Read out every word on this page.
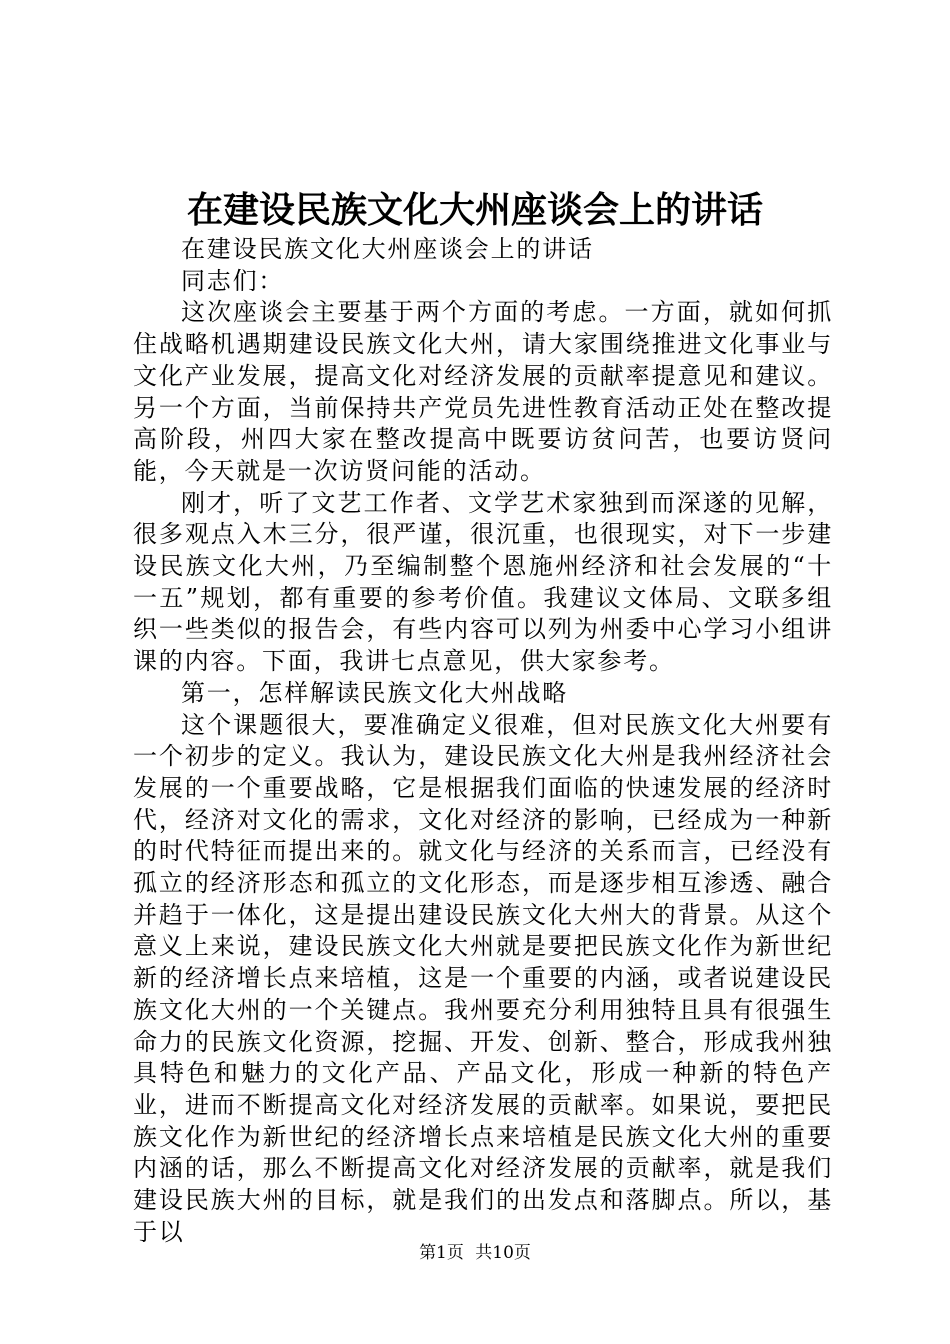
在建设民族文化大州座谈会上的讲话

在建设民族文化大州座谈会上的讲话

同志们：

这次座谈会主要基于两个方面的考虑。一方面，就如何抓住战略机遇期建设民族文化大州，请大家围绕推进文化事业与文化产业发展，提高文化对经济发展的贡献率提意见和建议。另一个方面，当前保持共产党员先进性教育活动正处在整改提高阶段，州四大家在整改提高中既要访贫问苦，也要访贤问能，今天就是一次访贤问能的活动。

刚才，听了文艺工作者、文学艺术家独到而深遂的见解，很多观点入木三分，很严谨，很沉重，也很现实，对下一步建设民族文化大州，乃至编制整个恩施州经济和社会发展的“十一五”规划，都有重要的参考价值。我建议文体局、文联多组织一些类似的报告会，有些内容可以列为州委中心学习小组讲课的内容。下面，我讲七点意见，供大家参考。

第一，怎样解读民族文化大州战略

这个课题很大，要准确定义很难，但对民族文化大州要有一个初步的定义。我认为，建设民族文化大州是我州经济社会发展的一个重要战略，它是根据我们面临的快速发展的经济时代，经济对文化的需求，文化对经济的影响，已经成为一种新的时代特征而提出来的。就文化与经济的关系而言，已经没有孤立的经济形态和孤立的文化形态，而是逐步相互渗透、融合并趋于一体化，这是提出建设民族文化大州大的背景。从这个意义上来说，建设民族文化大州就是要把民族文化作为新世纪新的经济增长点来培植，这是一个重要的内涵，或者说建设民族文化大州的一个关键点。我州要充分利用独特且具有很强生命力的民族文化资源，挖掘、开发、创新、整合，形成我州独具特色和魅力的文化产品、产品文化，形成一种新的特色产业，进而不断提高文化对经济发展的贡献率。如果说，要把民族文化作为新世纪的经济增长点来培植是民族文化大州的重要内涵的话，那么不断提高文化对经济发展的贡献率，就是我们建设民族大州的目标，就是我们的出发点和落脚点。所以，基于以

第1页 共10页
